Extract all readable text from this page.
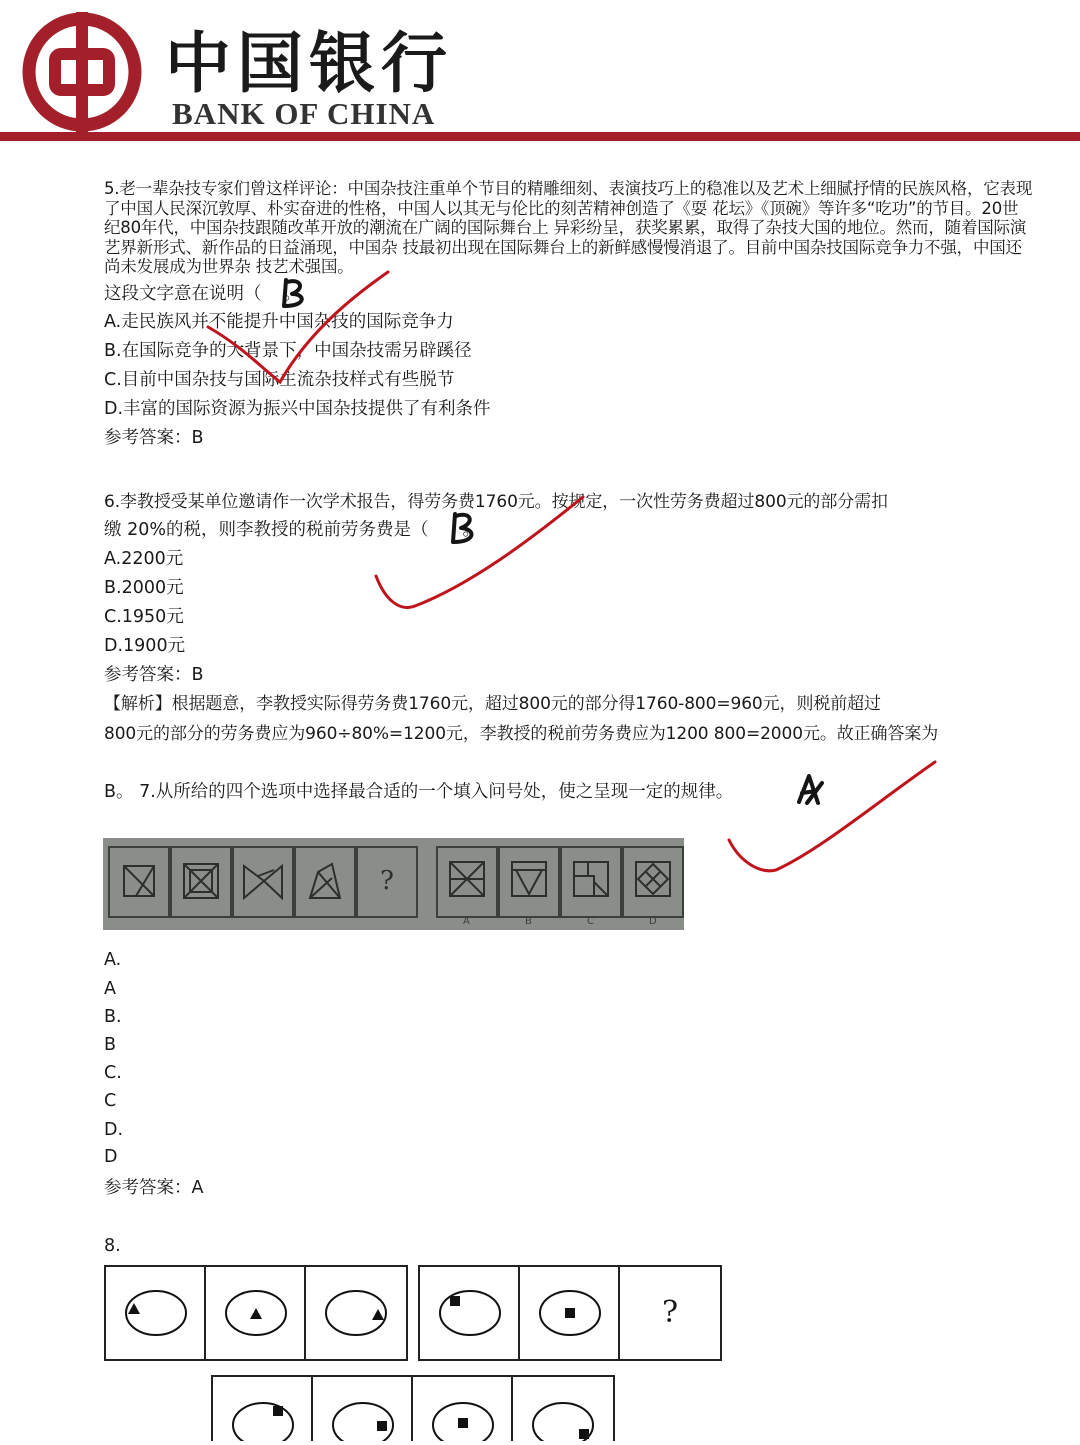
中国银行
BANK OF CHINA

5.老一辈杂技专家们曾这样评论：中国杂技注重单个节目的精雕细刻、表演技巧上的稳准以及艺术上细腻抒情的民族风格，它表现了中国人民深沉敦厚、朴实奋进的性格，中国人以其无与伦比的刻苦精神创造了《耍 花坛》《顶碗》等许多“吃功”的节目。20世纪80年代，中国杂技跟随改革开放的潮流在广阔的国际舞台上 异彩纷呈，获奖累累，取得了杂技大国的地位。然而，随着国际演艺界新形式、新作品的日益涌现，中国杂 技最初出现在国际舞台上的新鲜感慢慢消退了。目前中国杂技国际竞争力不强，中国还尚未发展成为世界杂 技艺术强国。

这段文字意在说明（ 。
A.走民族风并不能提升中国杂技的国际竞争力
B.在国际竞争的大背景下，中国杂技需另辟蹊径
C.目前中国杂技与国际主流杂技样式有些脱节
D.丰富的国际资源为振兴中国杂技提供了有利条件
参考答案：B
6.李教授受某单位邀请作一次学术报告，得劳务费1760元。按规定，一次性劳务费超过800元的部分需扣
缴 20%的税，则李教授的税前劳务费是（ 。
A.2200元
B.2000元
C.1950元
D.1900元
参考答案：B
【解析】根据题意，李教授实际得劳务费1760元，超过800元的部分得1760-800=960元，则税前超过
800元的部分的劳务费应为960÷80%=1200元，李教授的税前劳务费应为1200 800=2000元。故正确答案为
B。 7.从所给的四个选项中选择最合适的一个填入问号处，使之呈现一定的规律。
?
A	B	C	D
A.
A
B.
B
C.
C
D.
D
参考答案：A
8.
?
